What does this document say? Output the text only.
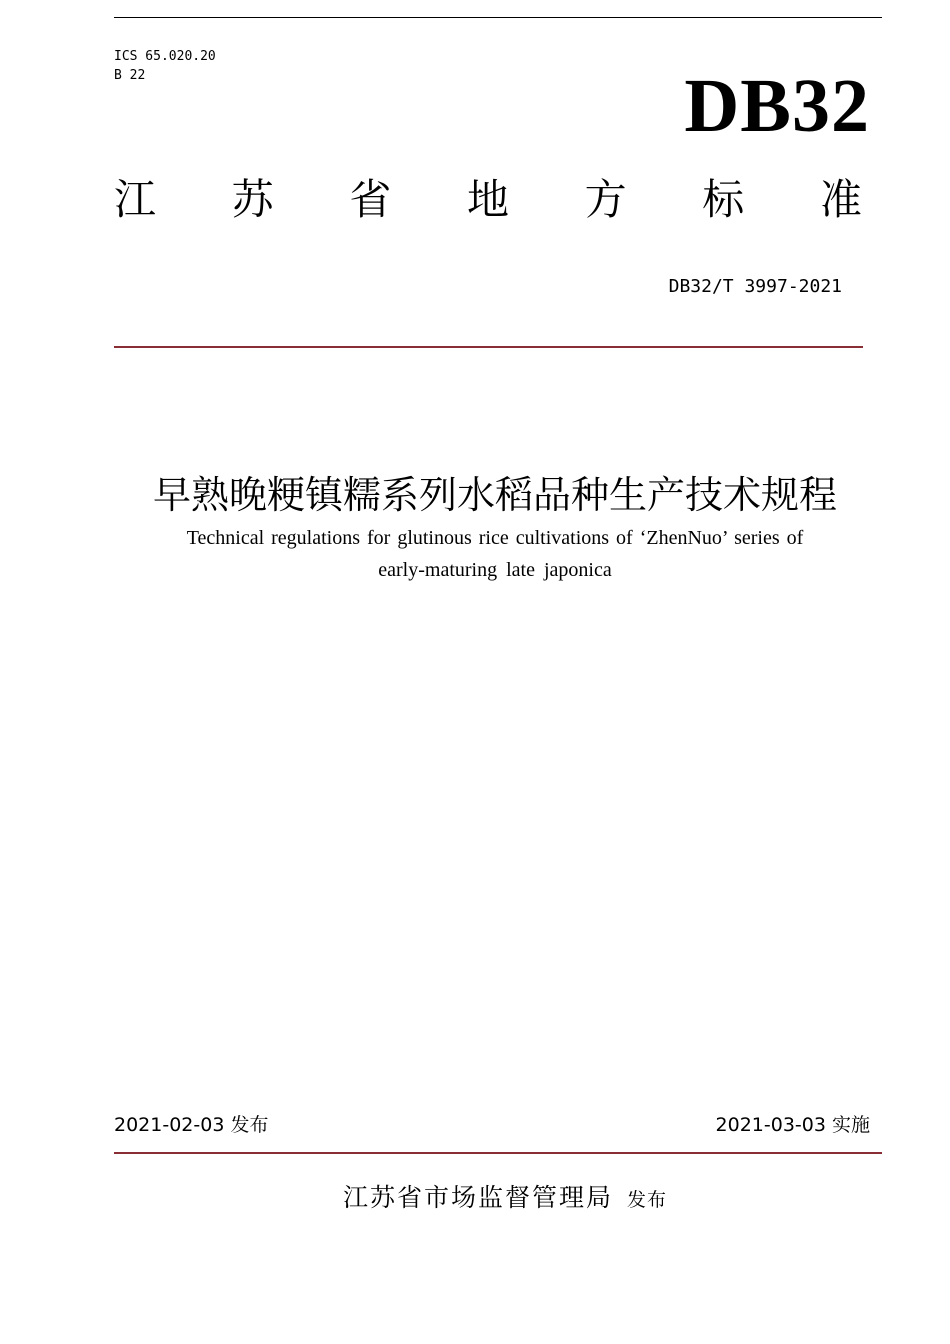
ICS 65.020.20
B 22	DB32
江 苏 省 地 方 标 准
DB32/T 3997-2021
早熟晚粳镇糯系列水稻品种生产技术规程
Technical regulations for glutinous rice cultivations of ‘ZhenNuo’ series of
early-maturing late japonica
2021-02-03 发布	2021-03-03 实施
江苏省市场监督管理局 发布
